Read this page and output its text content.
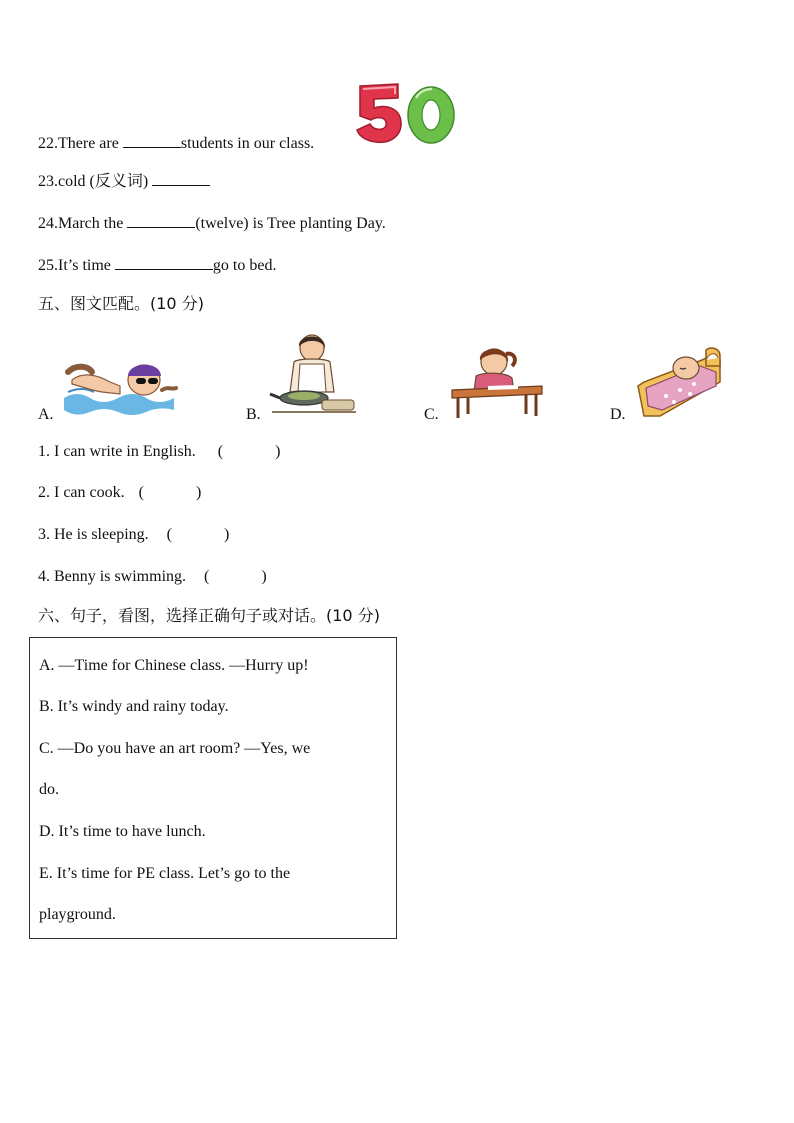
22.There are	students in our class.
23.cold (反义词)
24.March the	(twelve) is Tree planting Day.
25.It’s time	go to bed.
五、图文匹配。(10 分)
A.	B.	C.	D.
1. I can write in English. (	)
2. I can cook. (	)
3. He is sleeping. (	)
4. Benny is swimming. (	)
六、句子，看图，选择正确句子或对话。(10 分)
A. —Time for Chinese class. —Hurry up!
B. It’s windy and rainy today.
C. —Do you have an art room? —Yes, we
do.
D. It’s time to have lunch.
E. It’s time for PE class. Let’s go to the
playground.
